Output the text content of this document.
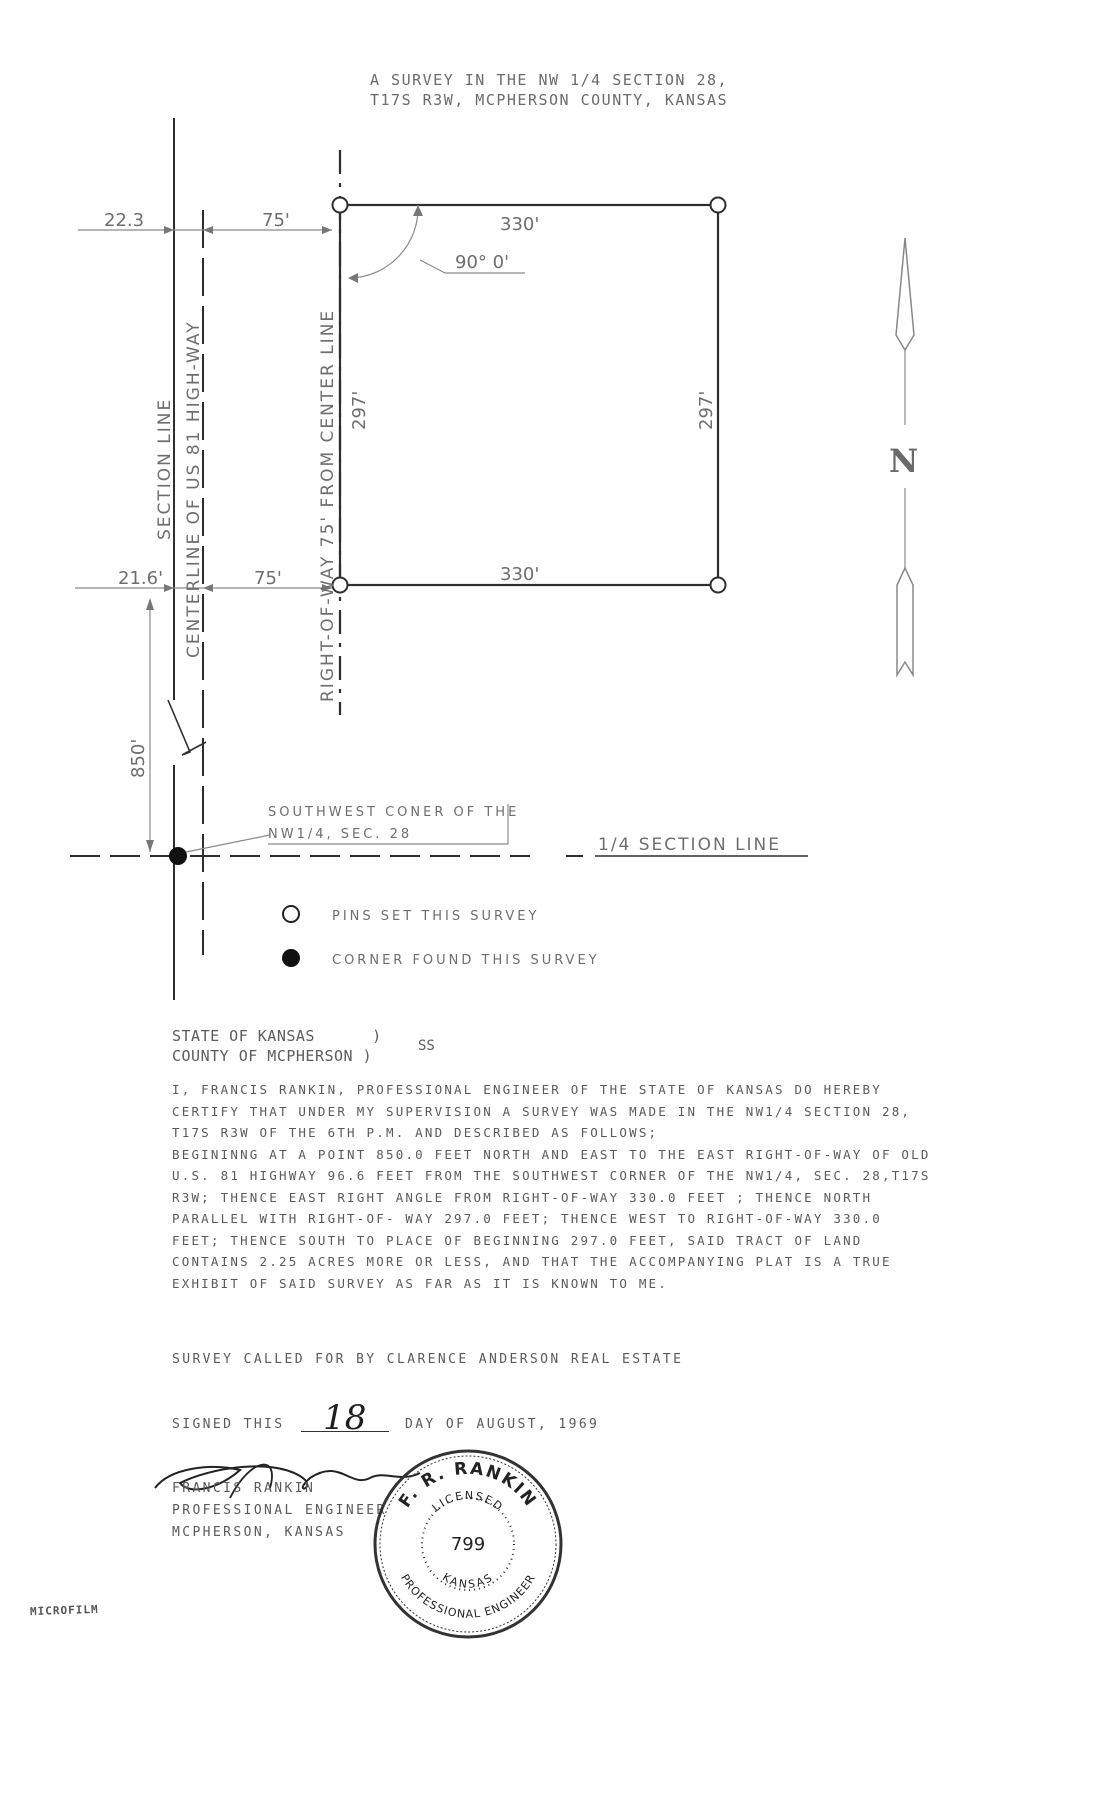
A SURVEY IN THE NW 1/4 SECTION 28,
T17S R3W, MCPHERSON COUNTY, KANSAS
22.3	75'	330'
90° 0'
297'	297'
21.6'	75'	330'
SECTION LINE CENTERLINE OF US 81 HIGH-WAY	RIGHT-OF-WAY 75' FROM CENTER LINE
850'
1/4 SECTION LINE
SOUTHWEST CONER OF THE
NW1/4, SEC. 28
N
PINS SET THIS SURVEY
CORNER FOUND THIS SURVEY
STATE OF KANSAS      )
COUNTY OF MCPHERSON )
SS
I, FRANCIS RANKIN, PROFESSIONAL ENGINEER OF THE STATE OF KANSAS DO HEREBY CERTIFY THAT UNDER MY SUPERVISION A SURVEY WAS MADE IN THE NW1/4 SECTION 28, T17S R3W OF THE 6TH P.M. AND DESCRIBED AS FOLLOWS;
BEGININNG AT A POINT 850.0 FEET NORTH AND EAST TO THE EAST RIGHT-OF-WAY OF OLD U.S. 81 HIGHWAY 96.6 FEET FROM THE SOUTHWEST CORNER OF THE NW1/4, SEC. 28,T17S R3W; THENCE EAST RIGHT ANGLE FROM RIGHT-OF-WAY 330.0 FEET ; THENCE NORTH PARALLEL WITH RIGHT-OF- WAY 297.0 FEET; THENCE WEST TO RIGHT-OF-WAY 330.0 FEET; THENCE SOUTH TO PLACE OF BEGINNING 297.0 FEET, SAID TRACT OF LAND CONTAINS 2.25 ACRES MORE OR LESS, AND THAT THE ACCOMPANYING PLAT IS A TRUE EXHIBIT OF SAID SURVEY AS FAR AS IT IS KNOWN TO ME.
SURVEY CALLED FOR BY CLARENCE ANDERSON REAL ESTATE
SIGNED THIS 18	DAY OF AUGUST, 1969
FRANCIS RANKIN
PROFESSIONAL ENGINEER
MCPHERSON, KANSAS
F. R. RANKIN
LICENSED
799
KANSAS
PROFESSIONAL ENGINEER
MICROFILM
